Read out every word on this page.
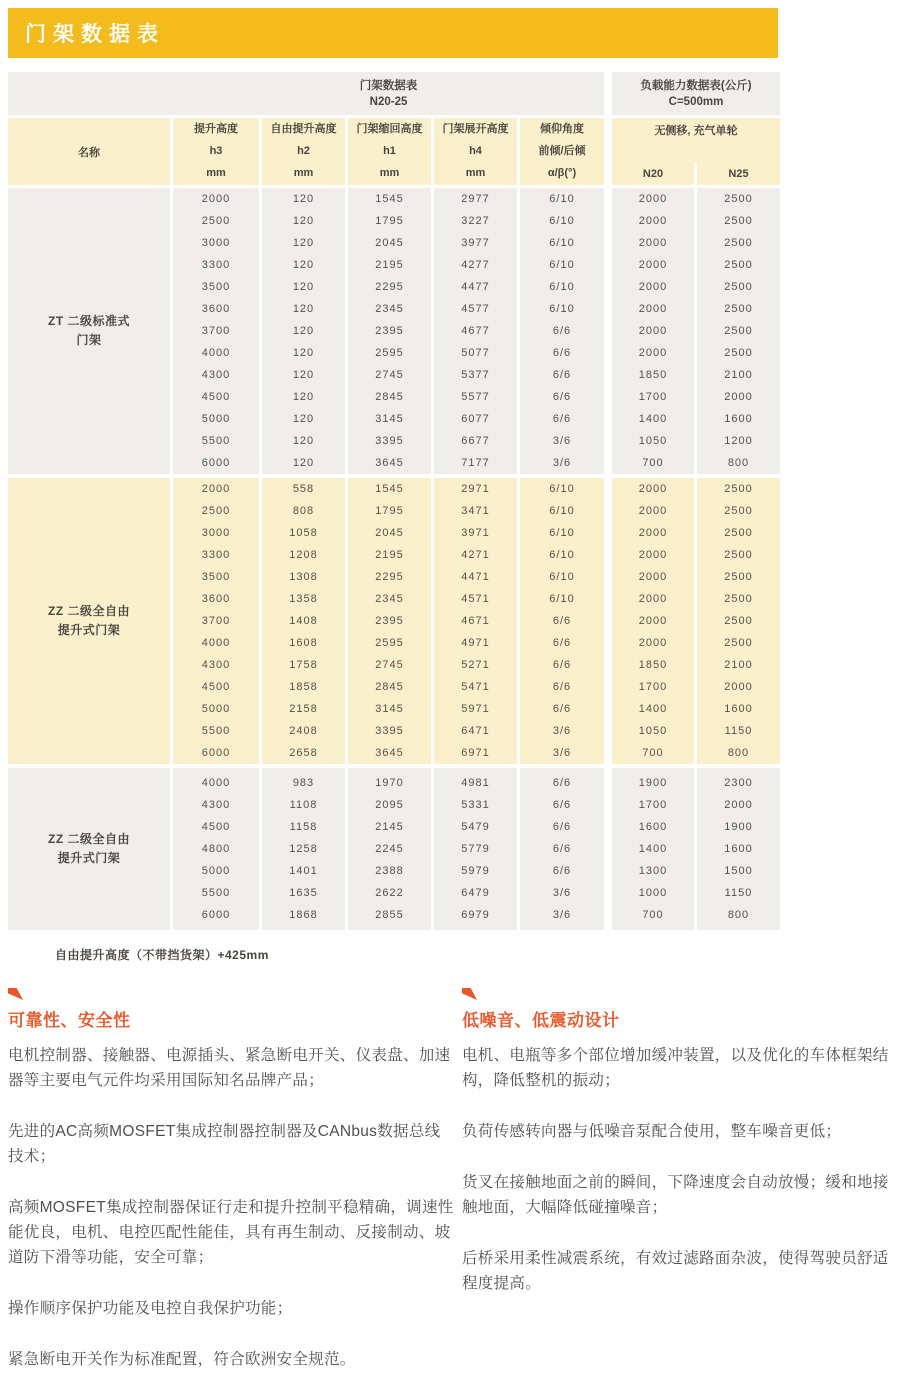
门架数据表
门架数据表
N20-25
负载能力数据表(公斤)
C=500mm
名称
提升高度
h3
mm
自由提升高度
h2
mm
门架缩回高度
h1
mm
门架展开高度
h4
mm
倾仰角度
前倾/后倾
α/β(°)
无侧移, 充气单轮
N20	N25
ZT 二级标准式
门架
2000
2500
3000
3300
3500
3600
3700
4000
4300
4500
5000
5500
6000
120
120
120
120
120
120
120
120
120
120
120
120
120
1545
1795
2045
2195
2295
2345
2395
2595
2745
2845
3145
3395
3645
2977
3227
3977
4277
4477
4577
4677
5077
5377
5577
6077
6677
7177
6/10
6/10
6/10
6/10
6/10
6/10
6/6
6/6
6/6
6/6
6/6
3/6
3/6
2000
2000
2000
2000
2000
2000
2000
2000
1850
1700
1400
1050
700
2500
2500
2500
2500
2500
2500
2500
2500
2100
2000
1600
1200
800
ZZ 二级全自由
提升式门架
2000
2500
3000
3300
3500
3600
3700
4000
4300
4500
5000
5500
6000
558
808
1058
1208
1308
1358
1408
1608
1758
1858
2158
2408
2658
1545
1795
2045
2195
2295
2345
2395
2595
2745
2845
3145
3395
3645
2971
3471
3971
4271
4471
4571
4671
4971
5271
5471
5971
6471
6971
6/10
6/10
6/10
6/10
6/10
6/10
6/6
6/6
6/6
6/6
6/6
3/6
3/6
2000
2000
2000
2000
2000
2000
2000
2000
1850
1700
1400
1050
700
2500
2500
2500
2500
2500
2500
2500
2500
2100
2000
1600
1150
800
ZZ 二级全自由
提升式门架
4000
4300
4500
4800
5000
5500
6000
983
1108
1158
1258
1401
1635
1868
1970
2095
2145
2245
2388
2622
2855
4981
5331
5479
5779
5979
6479
6979
6/6
6/6
6/6
6/6
6/6
3/6
3/6
1900
1700
1600
1400
1300
1000
700
2300
2000
1900
1600
1500
1150
800
自由提升高度（不带挡货架）+425mm
可靠性、安全性

电机控制器、接触器、电源插头、紧急断电开关、仪表盘、加速器等主要电气元件均采用国际知名品牌产品；

先进的AC高频MOSFET集成控制器控制器及CANbus数据总线技术；

高频MOSFET集成控制器保证行走和提升控制平稳精确，调速性能优良，电机、电控匹配性能佳，具有再生制动、反接制动、坡道防下滑等功能，安全可靠；

操作顺序保护功能及电控自我保护功能；

紧急断电开关作为标准配置，符合欧洲安全规范。

低噪音、低震动设计

电机、电瓶等多个部位增加缓冲装置，以及优化的车体框架结构，降低整机的振动；

负荷传感转向器与低噪音泵配合使用，整车噪音更低；

货叉在接触地面之前的瞬间，下降速度会自动放慢；缓和地接触地面，大幅降低碰撞噪音；

后桥采用柔性减震系统，有效过滤路面杂波，使得驾驶员舒适程度提高。
